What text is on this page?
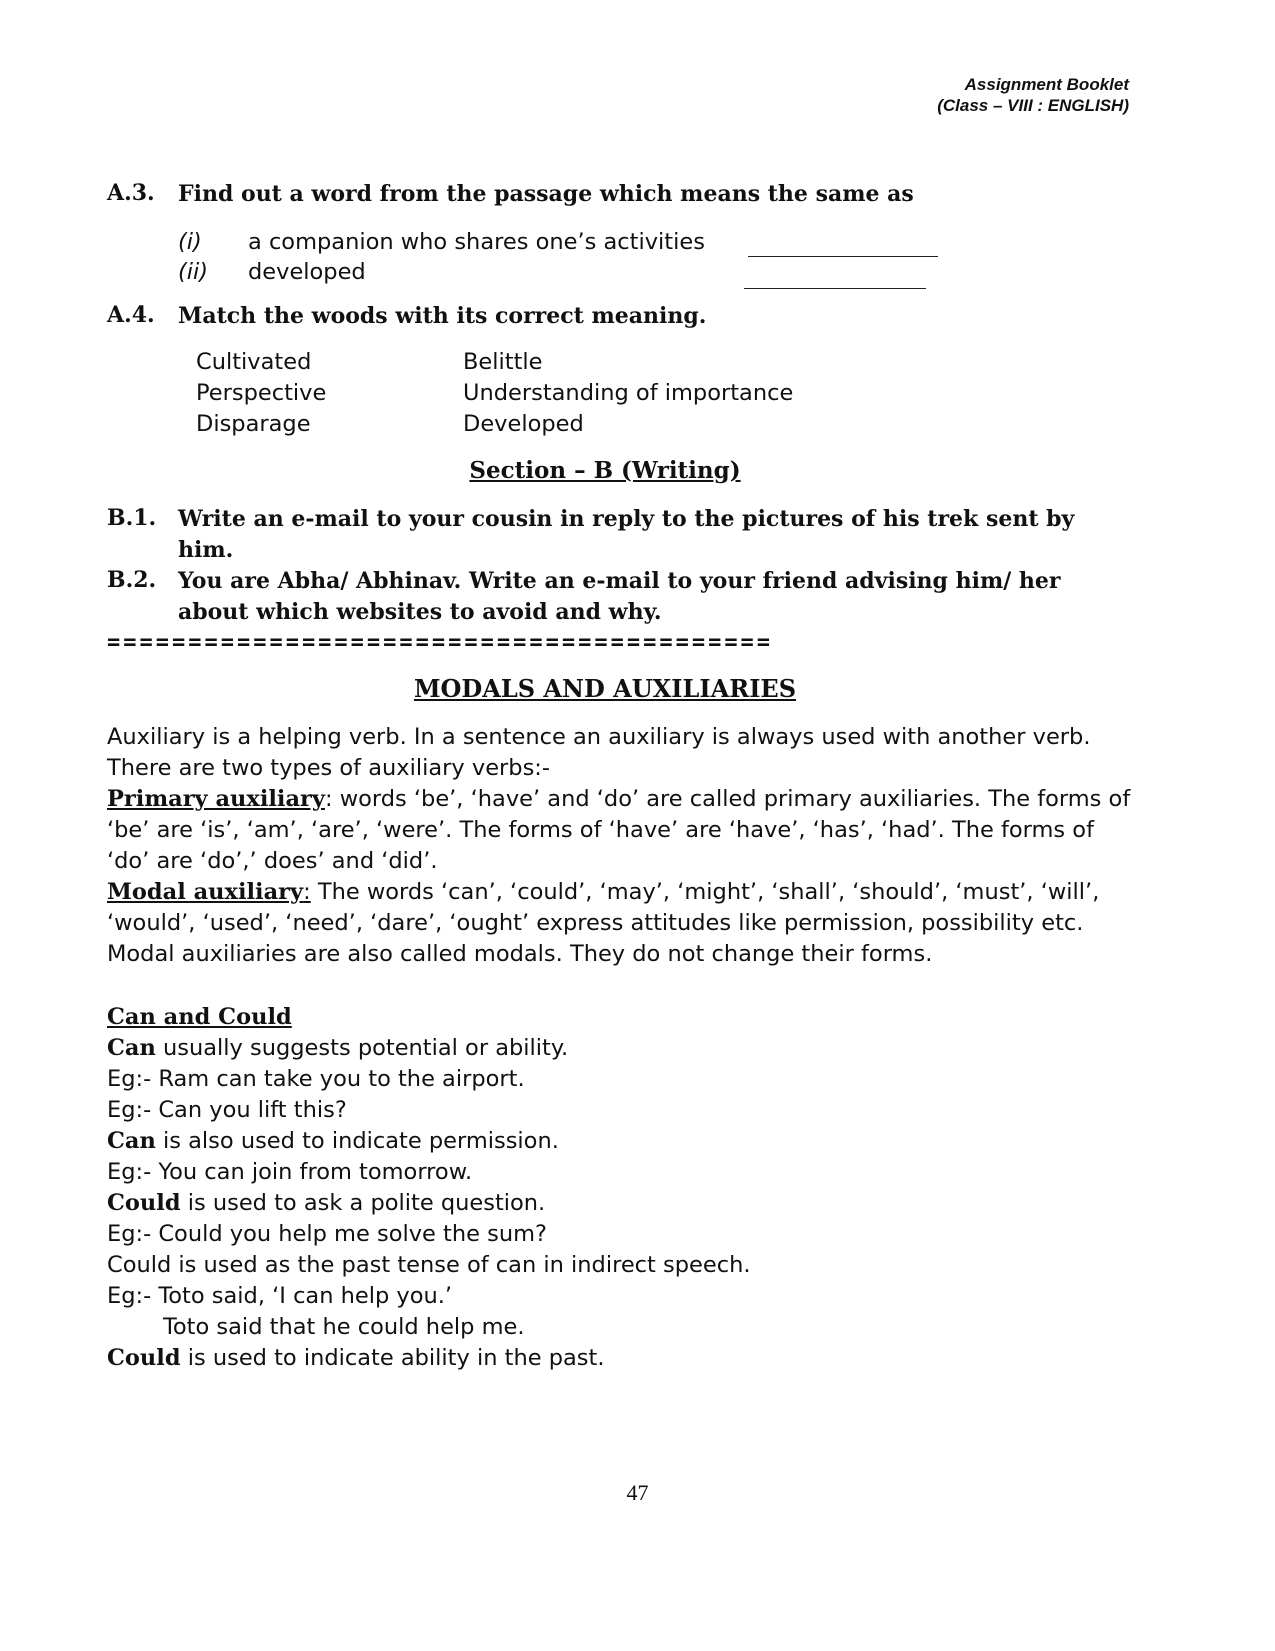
Assignment Booklet
(Class – VIII : ENGLISH)
A.3. Find out a word from the passage which means the same as
(i) a companion who shares one’s activities
(ii) developed
A.4. Match the woods with its correct meaning.
Cultivated
Perspective
Disparage
Belittle
Understanding of importance
Developed
Section – B (Writing)
B.1. Write an e-mail to your cousin in reply to the pictures of his trek sent by
him.
B.2. You are Abha/ Abhinav. Write an e-mail to your friend advising him/ her
about which websites to avoid and why.
=========================================
MODALS AND AUXILIARIES
Auxiliary is a helping verb. In a sentence an auxiliary is always used with another verb.
There are two types of auxiliary verbs:-
Primary auxiliary: words ‘be’, ‘have’ and ‘do’ are called primary auxiliaries. The forms of
‘be’ are ‘is’, ‘am’, ‘are’, ‘were’. The forms of ‘have’ are ‘have’, ‘has’, ‘had’. The forms of
‘do’ are ‘do’,’ does’ and ‘did’.
Modal auxiliary: The words ‘can’, ‘could’, ‘may’, ‘might’, ‘shall’, ‘should’, ‘must’, ‘will’,
‘would’, ‘used’, ‘need’, ‘dare’, ‘ought’ express attitudes like permission, possibility etc.
Modal auxiliaries are also called modals. They do not change their forms.
Can and Could
Can usually suggests potential or ability.
Eg:- Ram can take you to the airport.
Eg:- Can you lift this?
Can is also used to indicate permission.
Eg:- You can join from tomorrow.
Could is used to ask a polite question.
Eg:- Could you help me solve the sum?
Could is used as the past tense of can in indirect speech.
Eg:- Toto said, ‘I can help you.’
Toto said that he could help me.
Could is used to indicate ability in the past.
47
